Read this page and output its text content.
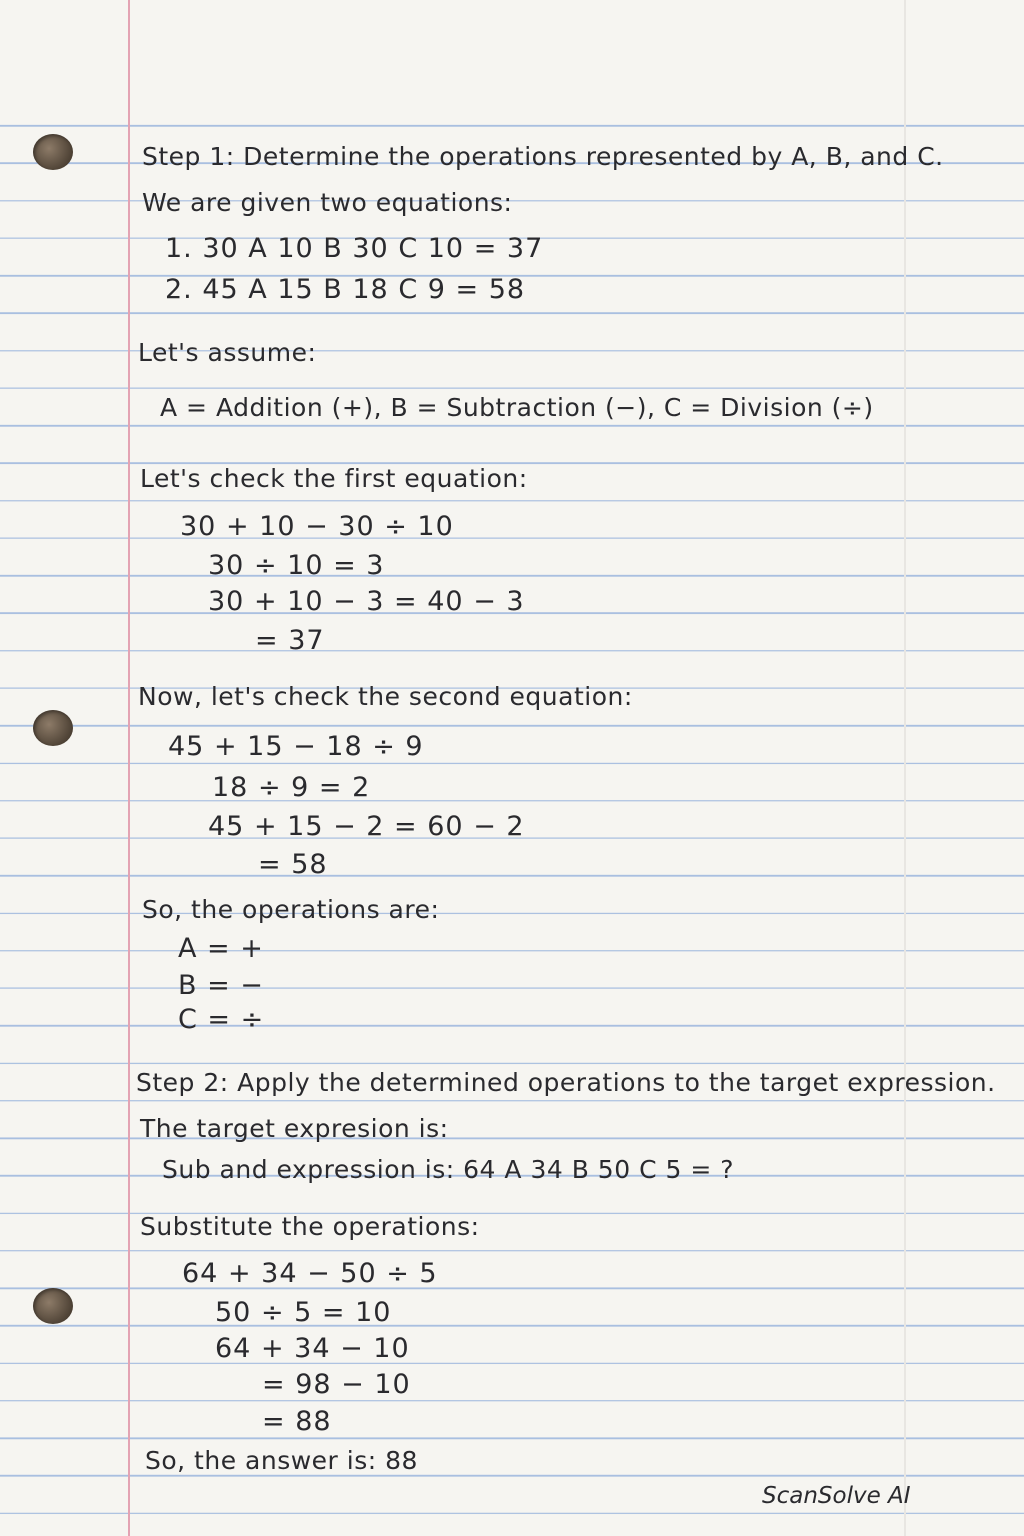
Step 1: Determine the operations represented by A, B, and C.
We are given two equations:
1. 30 A 10 B 30 C 10 = 37
2. 45 A 15 B 18 C 9 = 58
Let's assume:
A = Addition (+), B = Subtraction (−), C = Division (÷)
Let's check the first equation:
30 + 10 − 30 ÷ 10
30 ÷ 10 = 3
30 + 10 − 3 = 40 − 3
= 37
Now, let's check the second equation:
45 + 15 − 18 ÷ 9
18 ÷ 9 = 2
45 + 15 − 2 = 60 − 2
= 58
So, the operations are:
A = +
B = −
C = ÷
Step 2: Apply the determined operations to the target expression.
The target expresion is:
Sub and expression is: 64 A 34 B 50 C 5 = ?
Substitute the operations:
64 + 34 − 50 ÷ 5
50 ÷ 5 = 10
64 + 34 − 10
= 98 − 10
= 88
So, the answer is: 88
ScanSolve AI
